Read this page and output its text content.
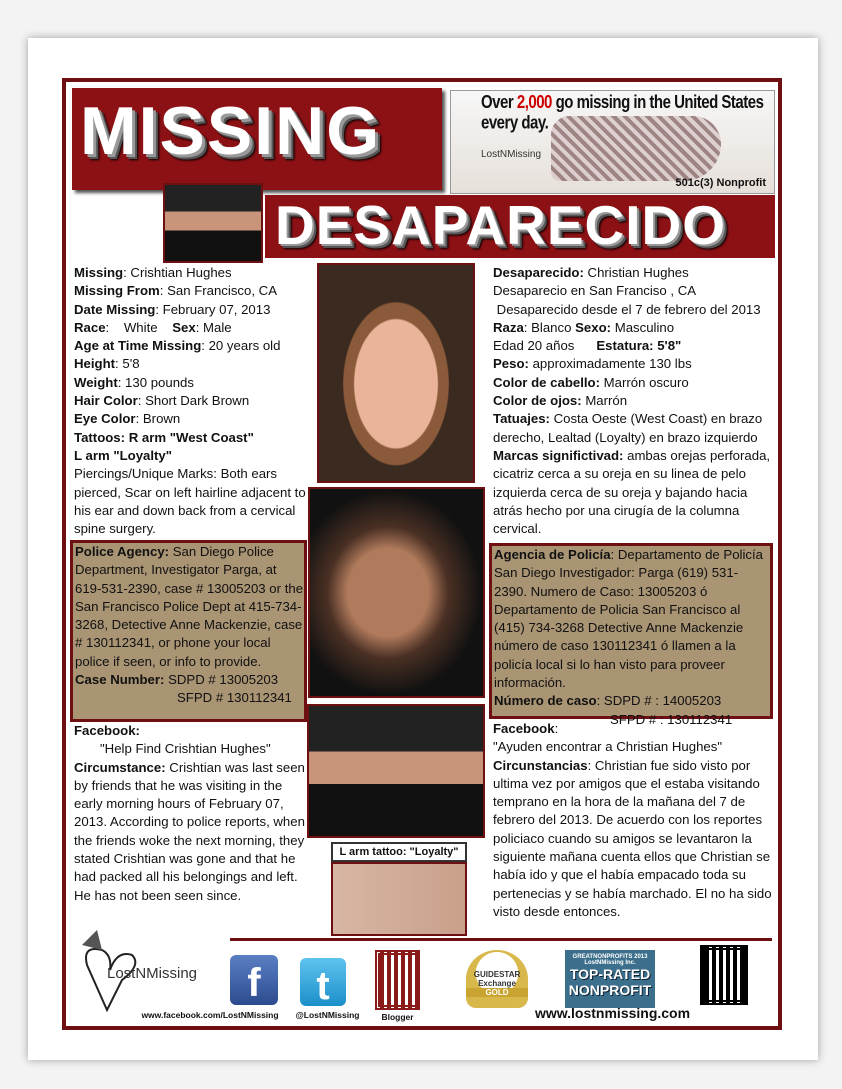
MISSING	Over 2,000 go missing in the United States every day.
LostNMissing
501c(3) Nonprofit
DESAPARECIDO
Missing: Crishtian Hughes
Missing From: San Francisco, CA
Date Missing: February 07, 2013
Race:    White Sex: Male
Age at Time Missing: 20 years old
Height: 5'8
Weight: 130 pounds
Hair Color: Short Dark Brown
Eye Color: Brown
Tattoos: R arm "West Coast"
L arm "Loyalty"
Piercings/Unique Marks: Both ears pierced, Scar on left hairline adjacent to his ear and down back from a cervical spine surgery.
Police Agency: San Diego Police Department, Investigator Parga, at 619-531-2390, case # 13005203 or the San Francisco Police Dept at 415-734-3268, Detective Anne Mackenzie, case # 130112341, or phone your local police if seen, or info to provide.
Case Number: SDPD # 13005203
SFPD # 130112341
Facebook:
"Help Find Crishtian Hughes"
Circumstance: Crishtian was last seen by friends that he was visiting in the early morning hours of February 07, 2013. According to police reports, when the friends woke the next morning, they stated Crishtian was gone and that he had packed all his belongings and left. He has not been seen since.
L arm tattoo: "Loyalty"
Desaparecido: Christian Hughes
Desaparecio en San Franciso , CA
Desaparecido desde el 7 de febrero del 2013
Raza: Blanco Sexo: Masculino
Edad 20 años Estatura: 5'8"
Peso: approximadamente 130 lbs
Color de cabello: Marrón oscuro
Color de ojos: Marrón
Tatuajes: Costa Oeste (West Coast) en brazo derecho, Lealtad (Loyalty) en brazo izquierdo
Marcas significtivad: ambas orejas perforada, cicatriz cerca a su oreja en su linea de pelo izquierda cerca de su oreja y bajando hacia atrás hecho por una cirugía de la columna cervical.
Agencia de Policía: Departamento de Policía San Diego Investigador: Parga (619) 531-2390. Numero de Caso: 13005203 ó Departamento de Policia San Francisco al (415) 734-3268 Detective Anne Mackenzie número de caso 130112341 ó llamen a la policía local si lo han visto para proveer información.
Número de caso: SDPD # : 14005203
SFPD # : 130112341
Facebook:
"Ayuden encontrar a Christian Hughes"
Circunstancias: Christian fue sido visto por ultima vez por amigos que el estaba visitando temprano en la hora de la mañana del 7 de febrero del 2013. De acuerdo con los reportes policiaco cuando su amigos se levantaron la siguiente mañana cuenta ellos que Christian se había ido y que el había empacado toda su pertenecias y se había marchado. El no ha sido visto desde entonces.
LostNMissing	f
www.facebook.com/LostNMissing
t
@LostNMissing	Blogger
GUIDESTAR
Exchange
GOLD
GREATNONPROFITS 2013
LostNMissing Inc.
TOP-RATED NONPROFIT
www.lostnmissing.com
